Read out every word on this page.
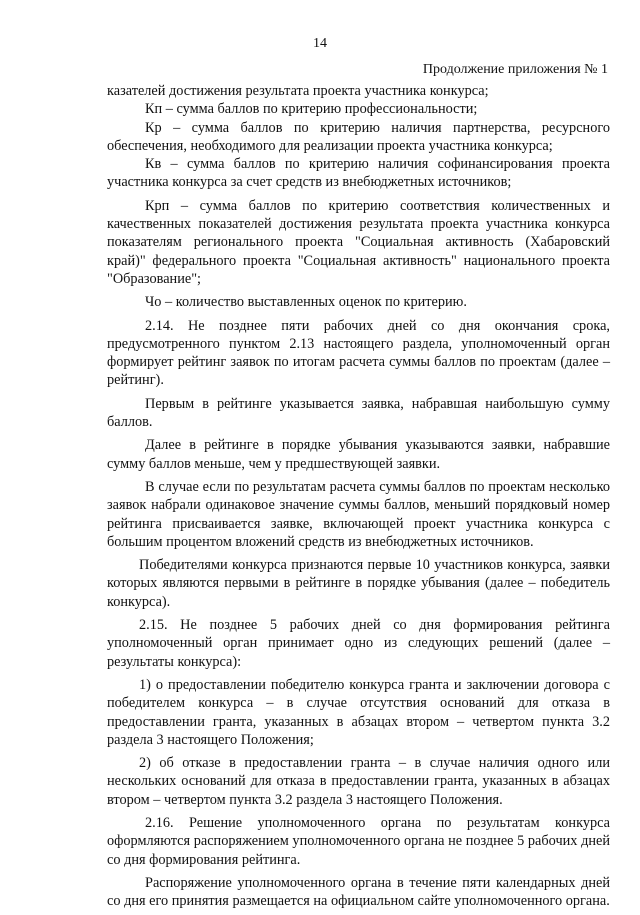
14
Продолжение приложения № 1

казателей достижения результата проекта участника конкурса;

Кп – сумма баллов по критерию профессиональности;

Кр – сумма баллов по критерию наличия партнерства, ресурсного обеспечения, необходимого для реализации проекта участника конкурса;

Кв – сумма баллов по критерию наличия софинансирования проекта участника конкурса за счет средств из внебюджетных источников;

Крп – сумма баллов по критерию соответствия количественных и качественных показателей достижения результата проекта участника конкурса показателям регионального проекта "Социальная активность (Хабаровский край)" федерального проекта "Социальная активность" национального проекта "Образование";

Чо – количество выставленных оценок по критерию.

2.14. Не позднее пяти рабочих дней со дня окончания срока, предусмотренного пунктом 2.13 настоящего раздела, уполномоченный орган формирует рейтинг заявок по итогам расчета суммы баллов по проектам (далее – рейтинг).

Первым в рейтинге указывается заявка, набравшая наибольшую сумму баллов.

Далее в рейтинге в порядке убывания указываются заявки, набравшие сумму баллов меньше, чем у предшествующей заявки.

В случае если по результатам расчета суммы баллов по проектам несколько заявок набрали одинаковое значение суммы баллов, меньший порядковый номер рейтинга присваивается заявке, включающей проект участника конкурса с большим процентом вложений средств из внебюджетных источников.

Победителями конкурса признаются первые 10 участников конкурса, заявки которых являются первыми в рейтинге в порядке убывания (далее – победитель конкурса).

2.15. Не позднее 5 рабочих дней со дня формирования рейтинга уполномоченный орган принимает одно из следующих решений (далее – результаты конкурса):

1) о предоставлении победителю конкурса гранта и заключении договора с победителем конкурса – в случае отсутствия оснований для отказа в предоставлении гранта, указанных в абзацах втором – четвертом пункта 3.2 раздела 3 настоящего Положения;

2) об отказе в предоставлении гранта – в случае наличия одного или нескольких оснований для отказа в предоставлении гранта, указанных в абзацах втором – четвертом пункта 3.2 раздела 3 настоящего Положения.

2.16. Решение уполномоченного органа по результатам конкурса оформляются распоряжением уполномоченного органа не позднее 5 рабочих дней со дня формирования рейтинга.

Распоряжение уполномоченного органа в течение пяти календарных дней со дня его принятия размещается на официальном сайте уполномоченного органа.
